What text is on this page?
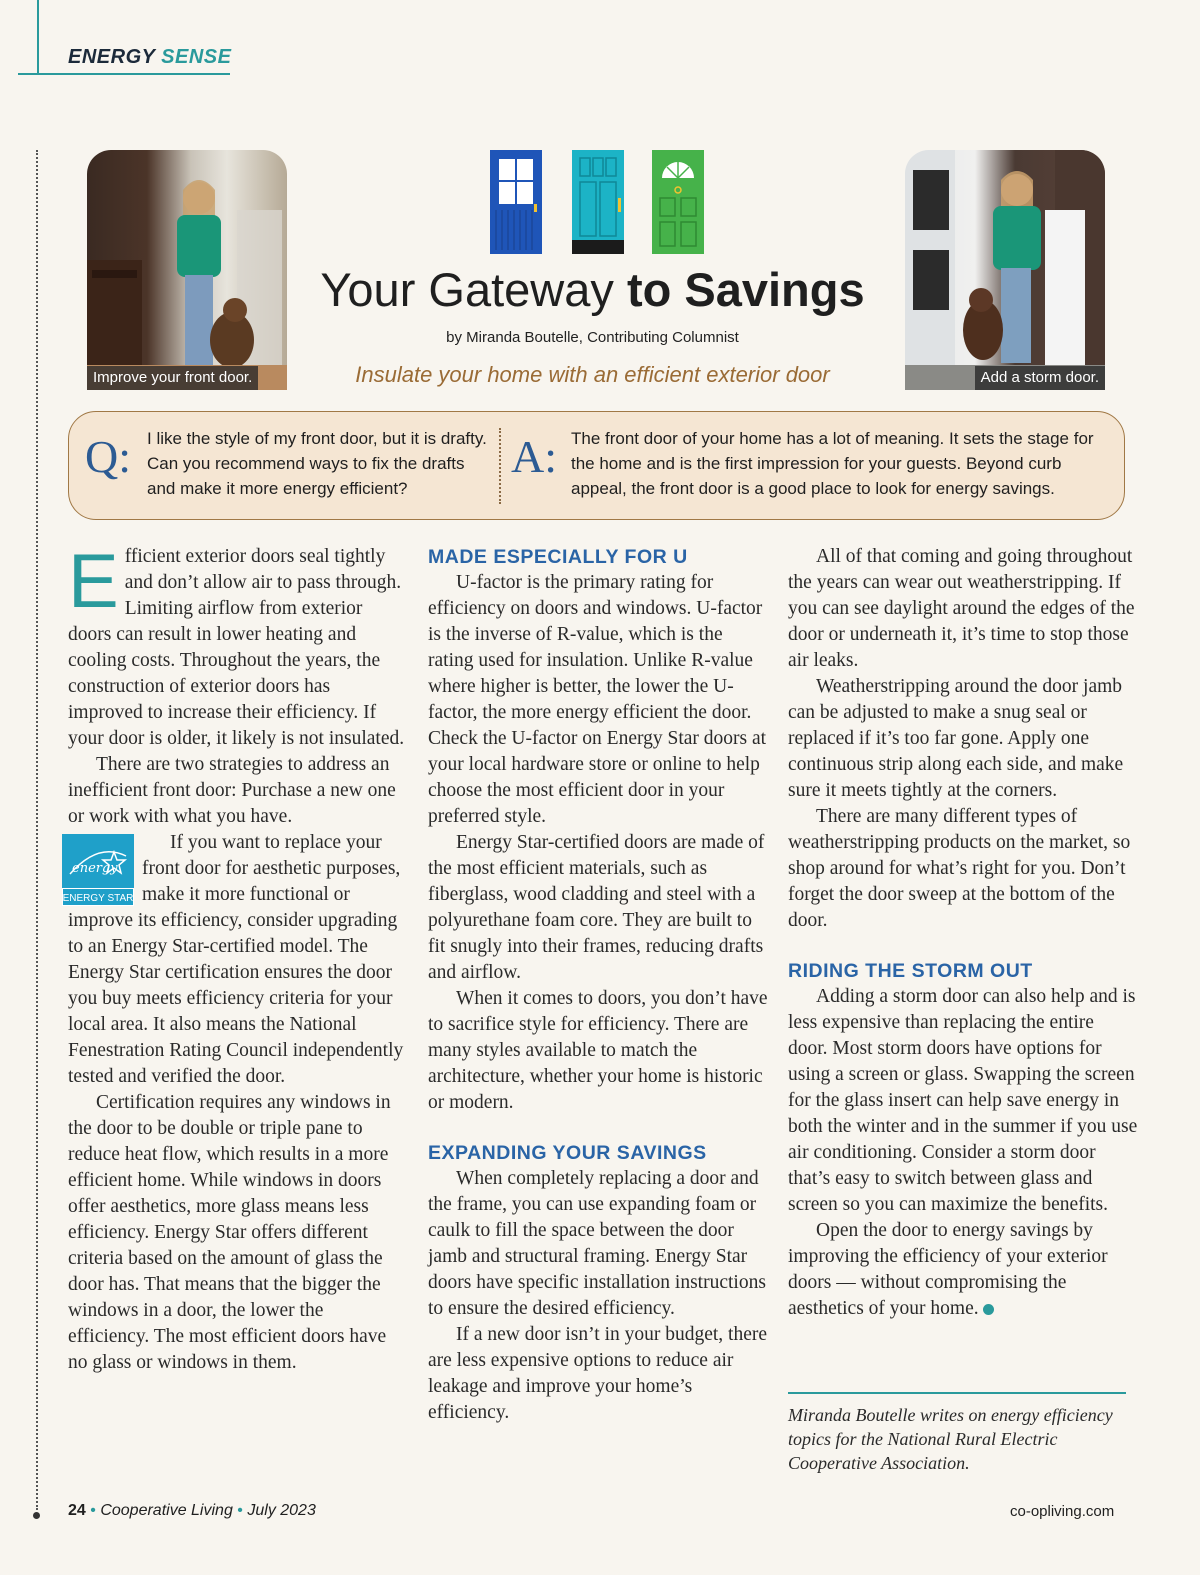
ENERGY SENSE
Improve your front door.	Add a storm door.
Your Gateway to Savings
by Miranda Boutelle, Contributing Columnist
Insulate your home with an efficient exterior door
Q: I like the style of my front door, but it is drafty. Can you recommend ways to fix the drafts and make it more energy efficient?
A: The front door of your home has a lot of meaning. It sets the stage for the home and is the first impression for your guests. Beyond curb appeal, the front door is a good place to look for energy savings.

Efficient exterior doors seal tightly and don’t allow air to pass through. Limiting airflow from exterior doors can result in lower heating and cooling costs. Throughout the years, the construction of exterior doors has improved to increase their efficiency. If your door is older, it likely is not insulated.

There are two strategies to address an inefficient front door: Purchase a new one or work with what you have.

energy
ENERGY STAR
If you want to replace your front door for aesthetic purposes, make it more functional or improve its efficiency, consider upgrading to an Energy Star-certified model. The Energy Star certification ensures the door you buy meets efficiency criteria for your local area. It also means the National Fenestration Rating Council independently tested and verified the door.

Certification requires any windows in the door to be double or triple pane to reduce heat flow, which results in a more efficient home. While windows in doors offer aesthetics, more glass means less efficiency. Energy Star offers different criteria based on the amount of glass the door has. That means that the bigger the windows in a door, the lower the efficiency. The most efficient doors have no glass or windows in them.

MADE ESPECIALLY FOR U

U-factor is the primary rating for efficiency on doors and windows. U-factor is the inverse of R-value, which is the rating used for insulation. Unlike R-value where higher is better, the lower the U-factor, the more energy efficient the door. Check the U-factor on Energy Star doors at your local hardware store or online to help choose the most efficient door in your preferred style.

Energy Star-certified doors are made of the most efficient materials, such as fiberglass, wood cladding and steel with a polyurethane foam core. They are built to fit snugly into their frames, reducing drafts and airflow.

When it comes to doors, you don’t have to sacrifice style for efficiency. There are many styles available to match the architecture, whether your home is historic or modern.

EXPANDING YOUR SAVINGS

When completely replacing a door and the frame, you can use expanding foam or caulk to fill the space between the door jamb and structural framing. Energy Star doors have specific installation instructions to ensure the desired efficiency.

If a new door isn’t in your budget, there are less expensive options to reduce air leakage and improve your home’s efficiency.

All of that coming and going throughout the years can wear out weatherstripping. If you can see daylight around the edges of the door or underneath it, it’s time to stop those air leaks.

Weatherstripping around the door jamb can be adjusted to make a snug seal or replaced if it’s too far gone. Apply one continuous strip along each side, and make sure it meets tightly at the corners.

There are many different types of weatherstripping products on the market, so shop around for what’s right for you. Don’t forget the door sweep at the bottom of the door.

RIDING THE STORM OUT

Adding a storm door can also help and is less expensive than replacing the entire door. Most storm doors have options for using a screen or glass. Swapping the screen for the glass insert can help save energy in both the winter and in the summer if you use air conditioning. Consider a storm door that’s easy to switch between glass and screen so you can maximize the benefits.

Open the door to energy savings by improving the efficiency of your exterior doors — without compromising the aesthetics of your home.

Miranda Boutelle writes on energy efficiency topics for the National Rural Electric Cooperative Association.
24 • Cooperative Living • July 2023	co-opliving.com
